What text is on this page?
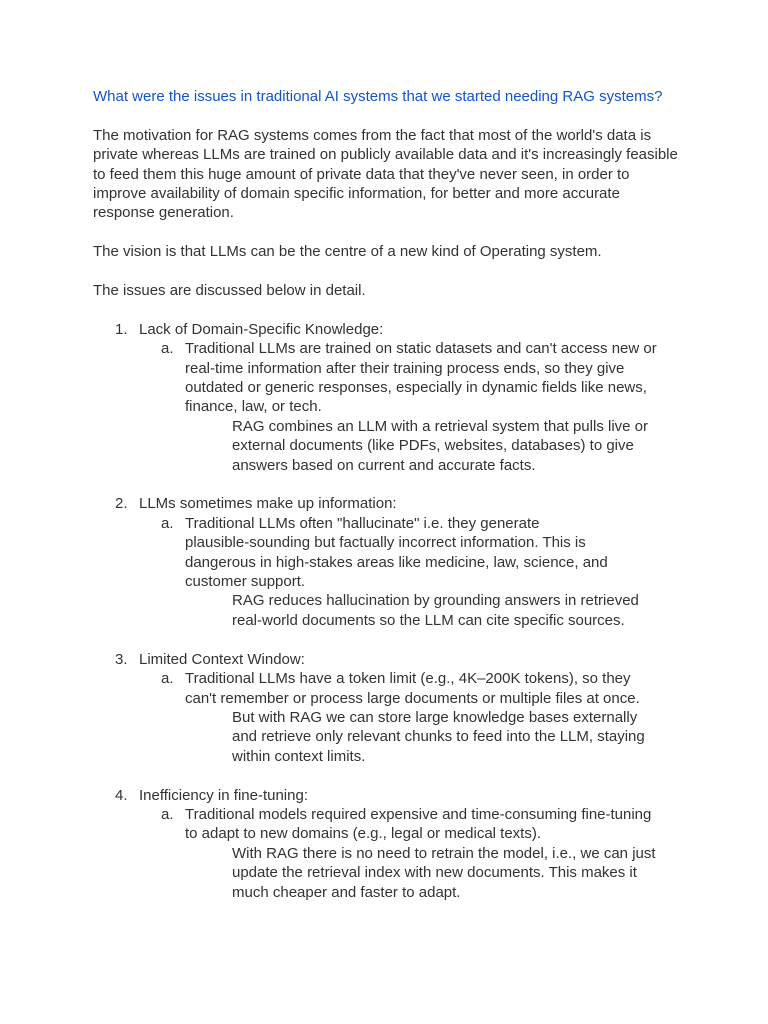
What were the issues in traditional AI systems that we started needing RAG systems?
The motivation for RAG systems comes from the fact that most of the world's data is private whereas LLMs are trained on publicly available data and it's increasingly feasible to feed them this huge amount of private data that they've never seen, in order to improve availability of domain specific information, for better and more accurate response generation.
The vision is that LLMs can be the centre of a new kind of Operating system.
The issues are discussed below in detail.
1. Lack of Domain-Specific Knowledge:
a. Traditional LLMs are trained on static datasets and can't access new or
real-time information after their training process ends, so they give
outdated or generic responses, especially in dynamic fields like news,
finance, law, or tech.
RAG combines an LLM with a retrieval system that pulls live or
external documents (like PDFs, websites, databases) to give
answers based on current and accurate facts.
2. LLMs sometimes make up information:
a. Traditional LLMs often "hallucinate" i.e. they generate
plausible-sounding but factually incorrect information. This is
dangerous in high-stakes areas like medicine, law, science, and
customer support.
RAG reduces hallucination by grounding answers in retrieved
real-world documents so the LLM can cite specific sources.
3. Limited Context Window:
a. Traditional LLMs have a token limit (e.g., 4K–200K tokens), so they
can't remember or process large documents or multiple files at once.
But with RAG we can store large knowledge bases externally
and retrieve only relevant chunks to feed into the LLM, staying
within context limits.
4. Inefficiency in fine-tuning:
a. Traditional models required expensive and time-consuming fine-tuning
to adapt to new domains (e.g., legal or medical texts).
With RAG there is no need to retrain the model, i.e., we can just
update the retrieval index with new documents. This makes it
much cheaper and faster to adapt.
